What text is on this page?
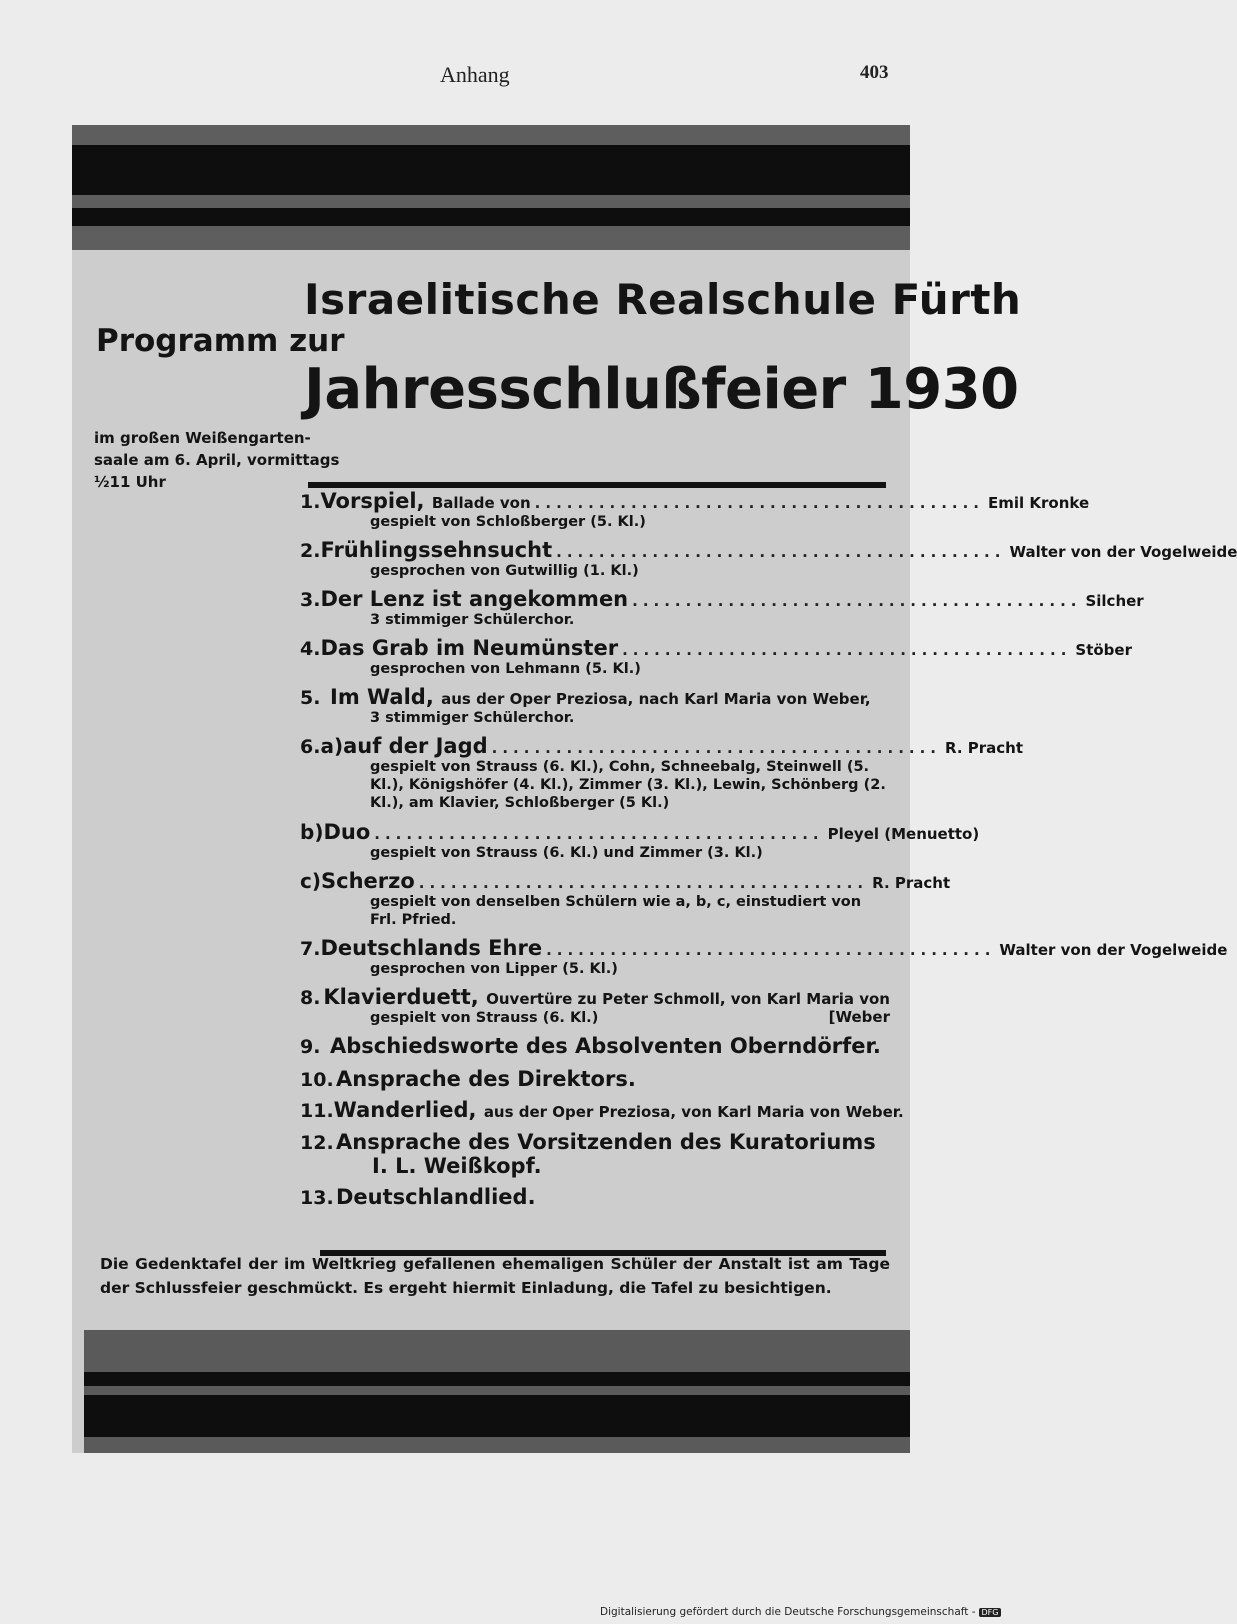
Anhang	403
Israelitische Realschule Fürth
Programm zur
Jahresschlußfeier 1930
im großen Weißengarten-
saale am 6. April, vormittags
½11 Uhr
1. Vorspiel, Ballade von .......................................... Emil Kronke
gespielt von Schloßberger (5. Kl.)
2. Frühlingssehnsucht .......................................... Walter von der Vogelweide
gesprochen von Gutwillig (1. Kl.)
3. Der Lenz ist angekommen .......................................... Silcher
3 stimmiger Schülerchor.
4. Das Grab im Neumünster .......................................... Stöber
gesprochen von Lehmann (5. Kl.)
5. Im Wald, aus der Oper Preziosa, nach Karl Maria von Weber,
3 stimmiger Schülerchor.
6. a) auf der Jagd .......................................... R. Pracht
gespielt von Strauss (6. Kl.), Cohn, Schneebalg, Steinwell (5. Kl.), Königshöfer (4. Kl.), Zimmer (3. Kl.), Lewin, Schönberg (2. Kl.), am Klavier, Schloßberger (5 Kl.)
b) Duo .......................................... Pleyel (Menuetto)
gespielt von Strauss (6. Kl.) und Zimmer (3. Kl.)
c) Scherzo .......................................... R. Pracht
gespielt von denselben Schülern wie a, b, c, einstudiert von Frl. Pfried.
7. Deutschlands Ehre .......................................... Walter von der Vogelweide
gesprochen von Lipper (5. Kl.)
8. Klavierduett, Ouvertüre zu Peter Schmoll, von Karl Maria von
gespielt von Strauss (6. Kl.)	[Weber
9. Abschiedsworte des Absolventen Oberndörfer.
10. Ansprache des Direktors.
11. Wanderlied, aus der Oper Preziosa, von Karl Maria von Weber.
12. Ansprache des Vorsitzenden des Kuratoriums
I. L. Weißkopf.
13. Deutschlandlied.
Die Gedenktafel der im Weltkrieg gefallenen ehemaligen Schüler der Anstalt ist am Tage der Schlussfeier geschmückt. Es ergeht hiermit Einladung, die Tafel zu besichtigen.
Digitalisierung gefördert durch die Deutsche Forschungsgemeinschaft - DFG
